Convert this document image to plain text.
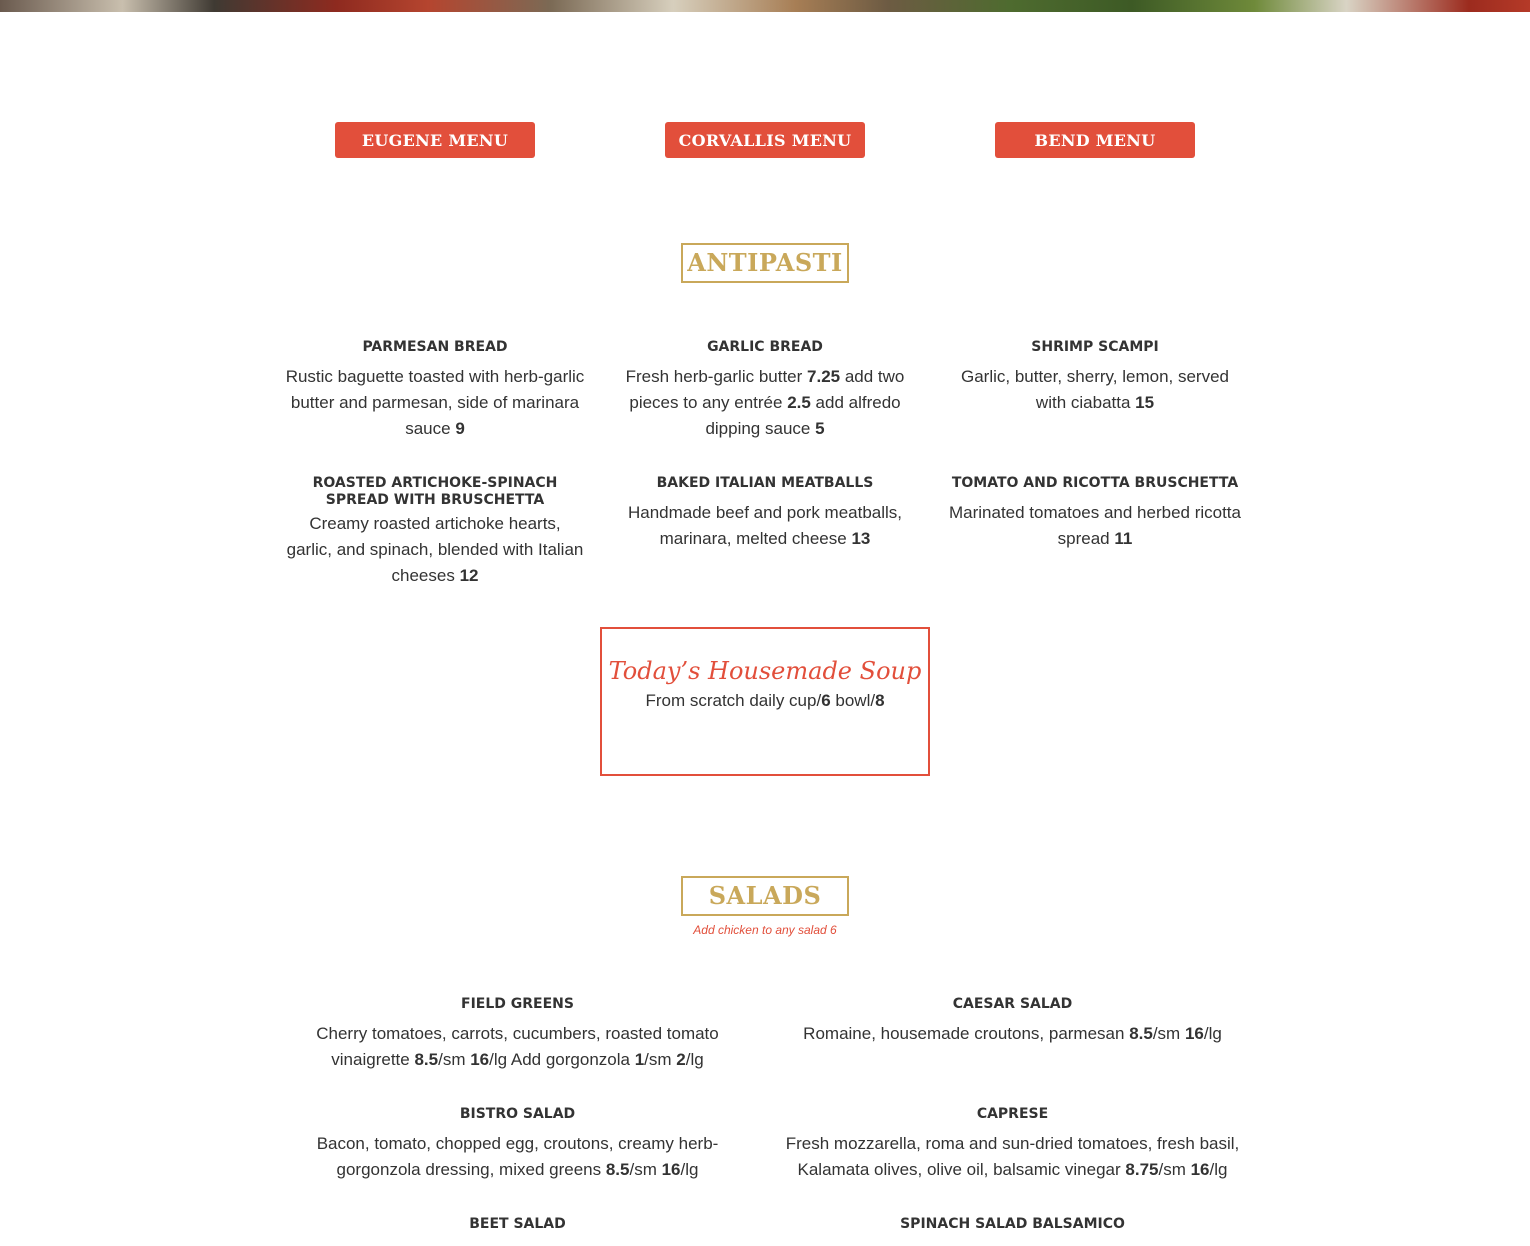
EUGENE MENU	CORVALLIS MENU	BEND MENU
ANTIPASTI
PARMESAN BREAD
Rustic baguette toasted with herb-garlic butter and parmesan, side of marinara sauce 9
GARLIC BREAD
Fresh herb-garlic butter 7.25 add two pieces to any entrée 2.5 add alfredo dipping sauce 5
SHRIMP SCAMPI
Garlic, butter, sherry, lemon, served with ciabatta 15
ROASTED ARTICHOKE-SPINACH SPREAD WITH BRUSCHETTA
Creamy roasted artichoke hearts, garlic, and spinach, blended with Italian cheeses 12
BAKED ITALIAN MEATBALLS
Handmade beef and pork meatballs, marinara, melted cheese 13
TOMATO AND RICOTTA BRUSCHETTA
Marinated tomatoes and herbed ricotta spread 11
Today’s Housemade Soup
From scratch daily cup/6 bowl/8
SALADS
Add chicken to any salad 6
FIELD GREENS
Cherry tomatoes, carrots, cucumbers, roasted tomato vinaigrette 8.5/sm 16/lg Add gorgonzola 1/sm 2/lg
CAESAR SALAD
Romaine, housemade croutons, parmesan 8.5/sm 16/lg
BISTRO SALAD
Bacon, tomato, chopped egg, croutons, creamy herb-gorgonzola dressing, mixed greens 8.5/sm 16/lg
CAPRESE
Fresh mozzarella, roma and sun-dried tomatoes, fresh basil, Kalamata olives, olive oil, balsamic vinegar 8.75/sm 16/lg
BEET SALAD	SPINACH SALAD BALSAMICO
